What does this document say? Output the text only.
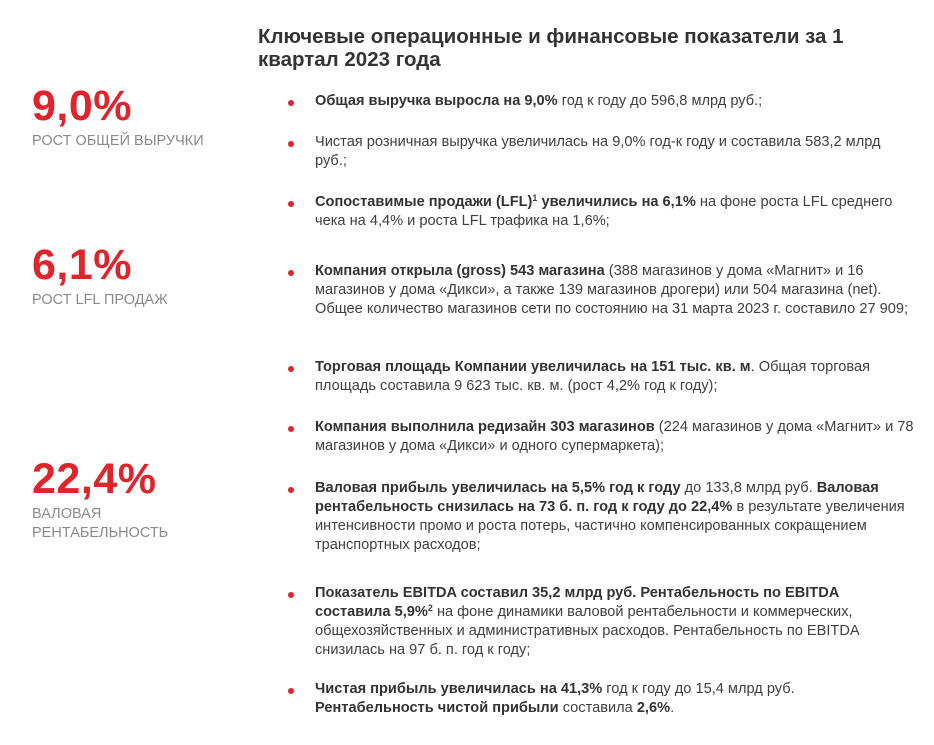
Ключевые операционные и финансовые показатели за 1 квартал 2023 года
9,0%
РОСТ ОБЩЕЙ ВЫРУЧКИ
6,1%
РОСТ LFL ПРОДАЖ
22,4%
ВАЛОВАЯ РЕНТАБЕЛЬНОСТЬ
Общая выручка выросла на 9,0% год к году до 596,8 млрд руб.;
Чистая розничная выручка увеличилась на 9,0% год-к году и составила 583,2 млрд руб.;
Сопоставимые продажи (LFL)$^1$ увеличились на 6,1% на фоне роста LFL среднего чека на 4,4% и роста LFL трафика на 1,6%;
Компания открыла (gross) 543 магазина (388 магазинов у дома «Магнит» и 16 магазинов у дома «Дикси», а также 139 магазинов дрогери) или 504 магазина (net). Общее количество магазинов сети по состоянию на 31 марта 2023 г. составило 27 909;
Торговая площадь Компании увеличилась на 151 тыс. кв. м. Общая торговая площадь составила 9 623 тыс. кв. м. (рост 4,2% год к году);
Компания выполнила редизайн 303 магазинов (224 магазинов у дома «Магнит» и 78 магазинов у дома «Дикси» и одного супермаркета);
Валовая прибыль увеличилась на 5,5% год к году до 133,8 млрд руб. Валовая рентабельность снизилась на 73 б. п. год к году до 22,4% в результате увеличения интенсивности промо и роста потерь, частично компенсированных сокращением транспортных расходов;
Показатель EBITDA составил 35,2 млрд руб. Рентабельность по EBITDA составила 5,9%$^2$ на фоне динамики валовой рентабельности и коммерческих, общехозяйственных и административных расходов. Рентабельность по EBITDA снизилась на 97 б. п. год к году;
Чистая прибыль увеличилась на 41,3% год к году до 15,4 млрд руб. Рентабельность чистой прибыли составила 2,6%.
